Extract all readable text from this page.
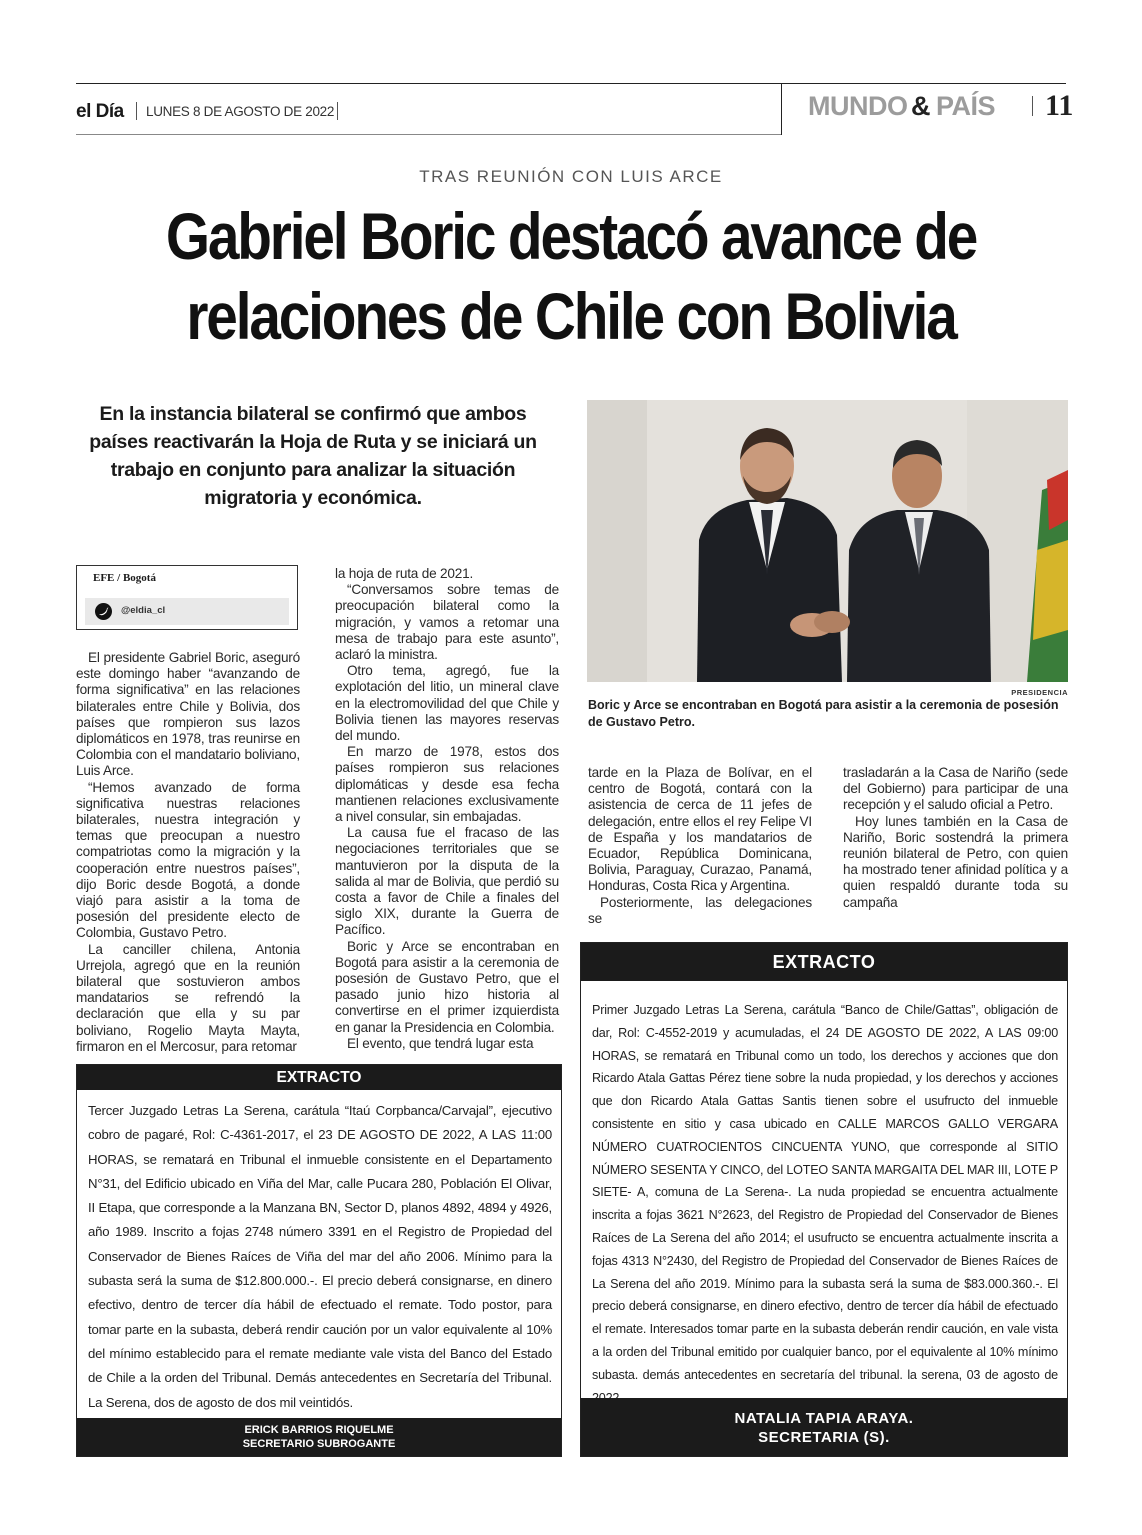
el Día LUNES 8 DE AGOSTO DE 2022	MUNDO & PAÍS 11
TRAS REUNIÓN CON LUIS ARCE
Gabriel Boric destacó avance de
relaciones de Chile con Bolivia
En la instancia bilateral se confirmó que ambos países reactivarán la Hoja de Ruta y se iniciará un trabajo en conjunto para analizar la situación migratoria y económica.
PRESIDENCIA
Boric y Arce se encontraban en Bogotá para asistir a la ceremonia de posesión de Gustavo Petro.
EFE / Bogotá
@eldia_cl

El presidente Gabriel Boric, aseguró este domingo haber “avanzando de forma significativa” en las relaciones bilaterales entre Chile y Bolivia, dos países que rompieron sus lazos diplomáticos en 1978, tras reunirse en Colombia con el mandatario boliviano, Luis Arce.

“Hemos avanzado de forma significativa nuestras relaciones bilaterales, nuestra integración y temas que preocupan a nuestro compatriotas como la migración y la cooperación entre nuestros países”, dijo Boric desde Bogotá, a donde viajó para asistir a la toma de posesión del presidente electo de Colombia, Gustavo Petro.

La canciller chilena, Antonia Urrejola, agregó que en la reunión bilateral que sostuvieron ambos mandatarios se refrendó la declaración que ella y su par boliviano, Rogelio Mayta Mayta, firmaron en el Mercosur, para retomar

la hoja de ruta de 2021.

“Conversamos sobre temas de preocupación bilateral como la migración, y vamos a retomar una mesa de trabajo para este asunto”, aclaró la ministra.

Otro tema, agregó, fue la explotación del litio, un mineral clave en la electromovilidad del que Chile y Bolivia tienen las mayores reservas del mundo.

En marzo de 1978, estos dos países rompieron sus relaciones diplomáticas y desde esa fecha mantienen relaciones exclusivamente a nivel consular, sin embajadas.

La causa fue el fracaso de las negociaciones territoriales que se mantuvieron por la disputa de la salida al mar de Bolivia, que perdió su costa a favor de Chile a finales del siglo XIX, durante la Guerra de Pacífico.

Boric y Arce se encontraban en Bogotá para asistir a la ceremonia de posesión de Gustavo Petro, que el pasado junio hizo historia al convertirse en el primer izquierdista en ganar la Presidencia en Colombia.

El evento, que tendrá lugar esta

tarde en la Plaza de Bolívar, en el centro de Bogotá, contará con la asistencia de cerca de 11 jefes de delegación, entre ellos el rey Felipe VI de España y los mandatarios de Ecuador, República Dominicana, Bolivia, Paraguay, Curazao, Panamá, Honduras, Costa Rica y Argentina.

Posteriormente, las delegaciones se

trasladarán a la Casa de Nariño (sede del Gobierno) para participar de una recepción y el saludo oficial a Petro.

Hoy lunes también en la Casa de Nariño, Boric sostendrá la primera reunión bilateral de Petro, con quien ha mostrado tener afinidad política y a quien respaldó durante toda su campaña

EXTRACTO
Tercer Juzgado Letras La Serena, carátula “Itaú Corpbanca/Carvajal”, ejecutivo cobro de pagaré, Rol: C-4361-2017, el 23 DE AGOSTO DE 2022, A LAS 11:00 HORAS, se rematará en Tribunal el inmueble consistente en el Departamento N°31, del Edificio ubicado en Viña del Mar, calle Pucara 280, Población El Olivar, II Etapa, que corresponde a la Manzana BN, Sector D, planos 4892, 4894 y 4926, año 1989. Inscrito a fojas 2748 número 3391 en el Registro de Propiedad del Conservador de Bienes Raíces de Viña del mar del año 2006. Mínimo para la subasta será la suma de $12.800.000.-. El precio deberá consignarse, en dinero efectivo, dentro de tercer día hábil de efectuado el remate. Todo postor, para tomar parte en la subasta, deberá rendir caución por un valor equivalente al 10% del mínimo establecido para el remate mediante vale vista del Banco del Estado de Chile a la orden del Tribunal. Demás antecedentes en Secretaría del Tribunal. La Serena, dos de agosto de dos mil veintidós.
ERICK BARRIOS RIQUELME
SECRETARIO SUBROGANTE
EXTRACTO
Primer Juzgado Letras La Serena, carátula “Banco de Chile/Gattas”, obligación de dar, Rol: C-4552-2019 y acumuladas, el 24 DE AGOSTO DE 2022, A LAS 09:00 HORAS, se rematará en Tribunal como un todo, los derechos y acciones que don Ricardo Atala Gattas Pérez tiene sobre la nuda propiedad, y los derechos y acciones que don Ricardo Atala Gattas Santis tienen sobre el usufructo del inmueble consistente en sitio y casa ubicado en CALLE MARCOS GALLO VERGARA NÚMERO CUATROCIENTOS CINCUENTA YUNO, que corresponde al SITIO NÚMERO SESENTA Y CINCO, del LOTEO SANTA MARGAITA DEL MAR III, LOTE P SIETE- A, comuna de La Serena-. La nuda propiedad se encuentra actualmente inscrita a fojas 3621 N°2623, del Registro de Propiedad del Conservador de Bienes Raíces de La Serena del año 2014; el usufructo se encuentra actualmente inscrita a fojas 4313 N°2430, del Registro de Propiedad del Conservador de Bienes Raíces de La Serena del año 2019. Mínimo para la subasta será la suma de $83.000.360.-. El precio deberá consignarse, en dinero efectivo, dentro de tercer día hábil de efectuado el remate. Interesados tomar parte en la subasta deberán rendir caución, en vale vista a la orden del Tribunal emitido por cualquier banco, por el equivalente al 10% mínimo subasta. demás antecedentes en secretaría del tribunal. la serena, 03 de agosto de
NATALIA TAPIA ARAYA.
SECRETARIA (S).
